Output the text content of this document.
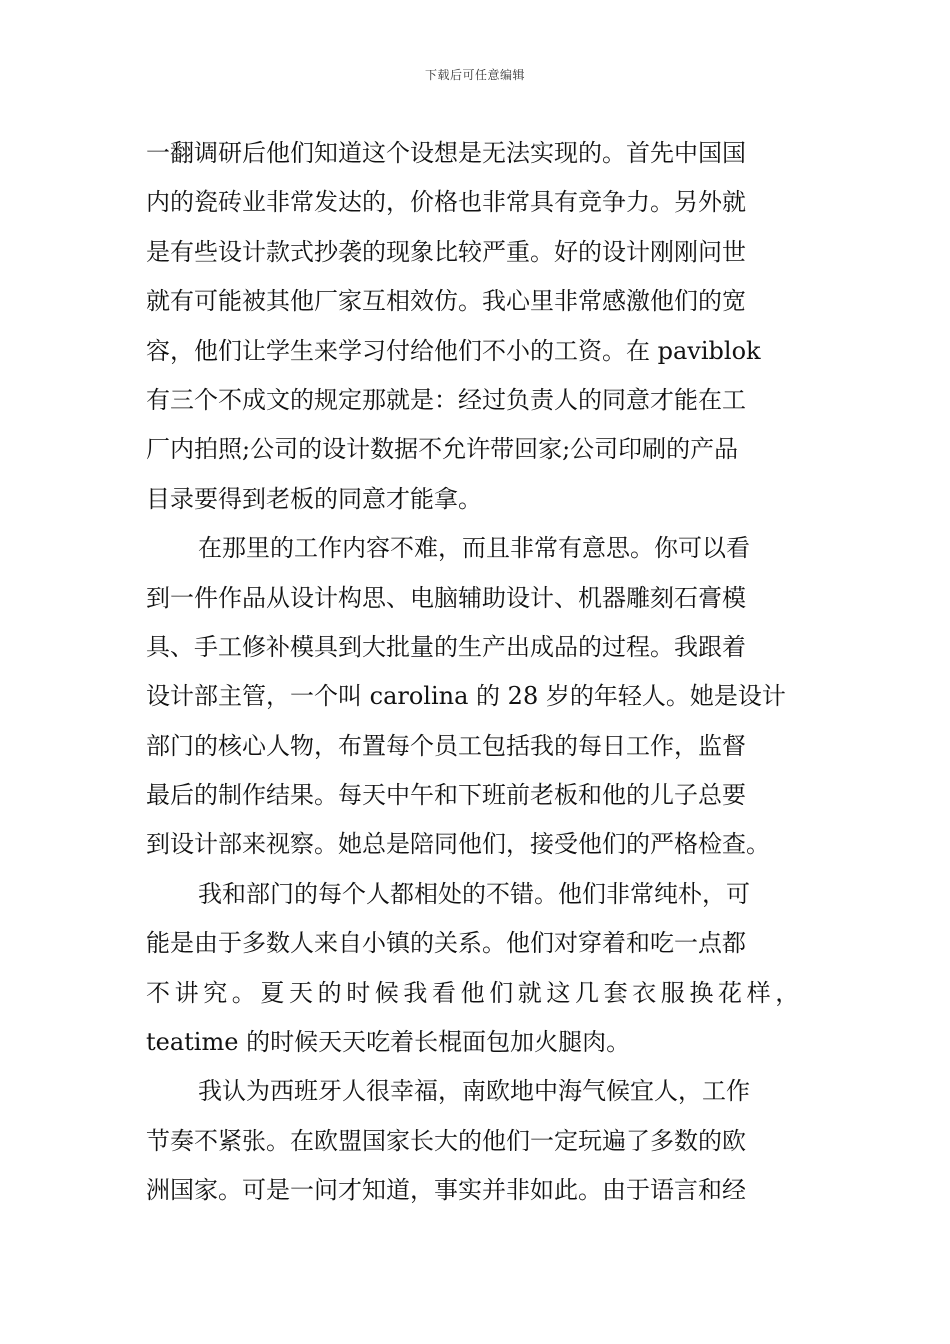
下载后可任意编辑
一翻调研后他们知道这个设想是无法实现的。首先中国国
内的瓷砖业非常发达的，价格也非常具有竞争力。另外就
是有些设计款式抄袭的现象比较严重。好的设计刚刚问世
就有可能被其他厂家互相效仿。我心里非常感激他们的宽
容，他们让学生来学习付给他们不小的工资。在 paviblok
有三个不成文的规定那就是：经过负责人的同意才能在工
厂内拍照;公司的设计数据不允许带回家;公司印刷的产品
目录要得到老板的同意才能拿。
在那里的工作内容不难，而且非常有意思。你可以看
到一件作品从设计构思、电脑辅助设计、机器雕刻石膏模
具、手工修补模具到大批量的生产出成品的过程。我跟着
设计部主管，一个叫 carolina 的 28 岁的年轻人。她是设计
部门的核心人物，布置每个员工包括我的每日工作，监督
最后的制作结果。每天中午和下班前老板和他的儿子总要
到设计部来视察。她总是陪同他们，接受他们的严格检查。
我和部门的每个人都相处的不错。他们非常纯朴，可
能是由于多数人来自小镇的关系。他们对穿着和吃一点都
不讲究。夏天的时候我看他们就这几套衣服换花样，
teatime 的时候天天吃着长棍面包加火腿肉。
我认为西班牙人很幸福，南欧地中海气候宜人，工作
节奏不紧张。在欧盟国家长大的他们一定玩遍了多数的欧
洲国家。可是一问才知道，事实并非如此。由于语言和经
